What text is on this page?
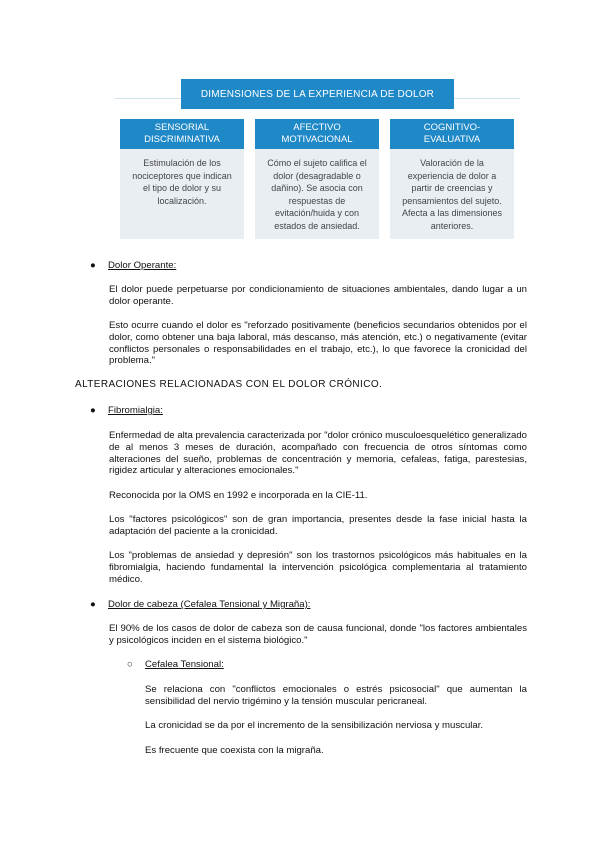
DIMENSIONES DE LA EXPERIENCIA DE DOLOR
SENSORIAL DISCRIMINATIVA
Estimulación de los nociceptores que indican el tipo de dolor y su localización.
AFECTIVO MOTIVACIONAL
Cómo el sujeto califica el dolor (desagradable o dañino). Se asocia con respuestas de evitación/huida y con estados de ansiedad.
COGNITIVO-EVALUATIVA
Valoración de la experiencia de dolor a partir de creencias y pensamientos del sujeto. Afecta a las dimensiones anteriores.
● Dolor Operante:
El dolor puede perpetuarse por condicionamiento de situaciones ambientales, dando lugar a un dolor operante.
Esto ocurre cuando el dolor es "reforzado positivamente (beneficios secundarios obtenidos por el dolor, como obtener una baja laboral, más descanso, más atención, etc.) o negativamente (evitar conflictos personales o responsabilidades en el trabajo, etc.), lo que favorece la cronicidad del problema."
ALTERACIONES RELACIONADAS CON EL DOLOR CRÓNICO.
● Fibromialgia:
Enfermedad de alta prevalencia caracterizada por "dolor crónico musculoesquelético generalizado de al menos 3 meses de duración, acompañado con frecuencia de otros síntomas como alteraciones del sueño, problemas de concentración y memoria, cefaleas, fatiga, parestesias, rigidez articular y alteraciones emocionales."
Reconocida por la OMS en 1992 e incorporada en la CIE-11.
Los "factores psicológicos" son de gran importancia, presentes desde la fase inicial hasta la adaptación del paciente a la cronicidad.
Los "problemas de ansiedad y depresión" son los trastornos psicológicos más habituales en la fibromialgia, haciendo fundamental la intervención psicológica complementaria al tratamiento médico.
● Dolor de cabeza (Cefalea Tensional y Migraña):
El 90% de los casos de dolor de cabeza son de causa funcional, donde "los factores ambientales y psicológicos inciden en el sistema biológico."
○ Cefalea Tensional:
Se relaciona con "conflictos emocionales o estrés psicosocial" que aumentan la sensibilidad del nervio trigémino y la tensión muscular pericraneal.
La cronicidad se da por el incremento de la sensibilización nerviosa y muscular.
Es frecuente que coexista con la migraña.
